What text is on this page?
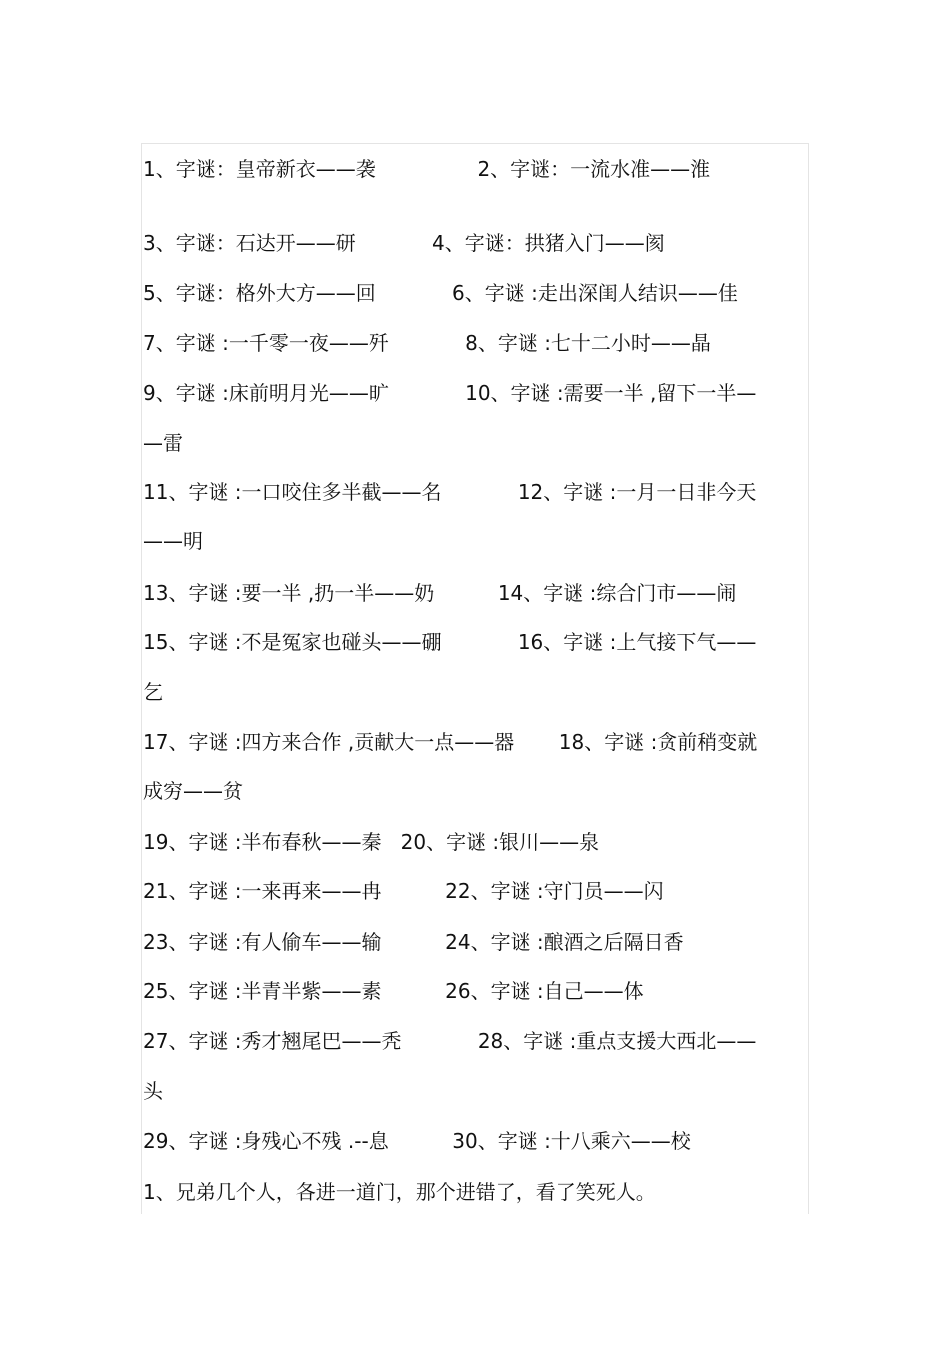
1、字谜：皇帝新衣——袭                2、字谜：一流水准——淮
3、字谜：石达开——研            4、字谜：拱猪入门——阂
5、字谜：格外大方——回            6、字谜 :走出深闺人结识——佳
7、字谜 :一千零一夜——歼            8、字谜 :七十二小时——晶
9、字谜 :床前明月光——旷            10、字谜 :需要一半 ,留下一半—
—雷
11、字谜 :一口咬住多半截——名            12、字谜 :一月一日非今天
——明
13、字谜 :要一半 ,扔一半——奶          14、字谜 :综合门市——闹
15、字谜 :不是冤家也碰头——硼            16、字谜 :上气接下气——
乞
17、字谜 :四方来合作 ,贡献大一点——器       18、字谜 :贪前稍变就
成穷——贫
19、字谜 :半布春秋——秦   20、字谜 :银川——泉
21、字谜 :一来再来——冉          22、字谜 :守门员——闪
23、字谜 :有人偷车——输          24、字谜 :酿酒之后隔日香
25、字谜 :半青半紫——素          26、字谜 :自己——体
27、字谜 :秀才翘尾巴——秃            28、字谜 :重点支援大西北——
头
29、字谜 :身残心不残 .--息          30、字谜 :十八乘六——校
1、兄弟几个人，各进一道门，那个进错了，看了笑死人。
